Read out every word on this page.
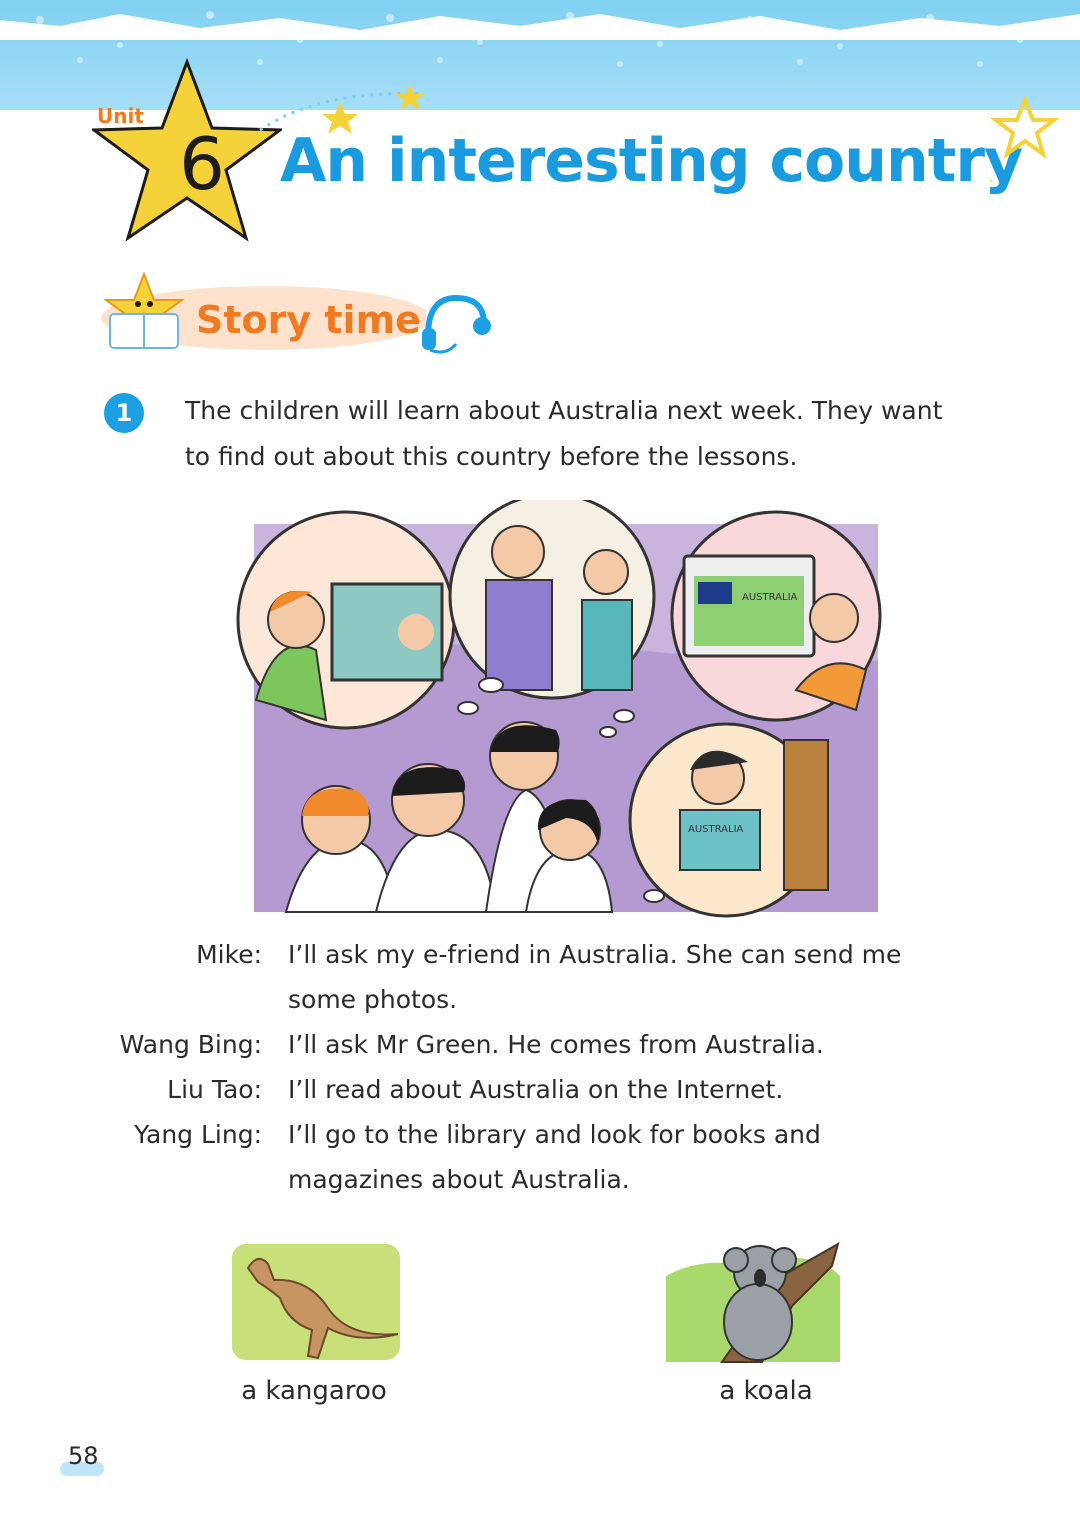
Unit
6 An interesting country
Story time
1	The children will learn about Australia next week. They want to find out about this country before the lessons.
AUSTRALIA
AUSTRALIA
Mike: I’ll ask my e-friend in Australia. She can send me
some photos.
Wang Bing: I’ll ask Mr Green. He comes from Australia.
Liu Tao: I’ll read about Australia on the Internet.
Yang Ling: I’ll go to the library and look for books and
magazines about Australia.
a kangaroo	a koala
58
